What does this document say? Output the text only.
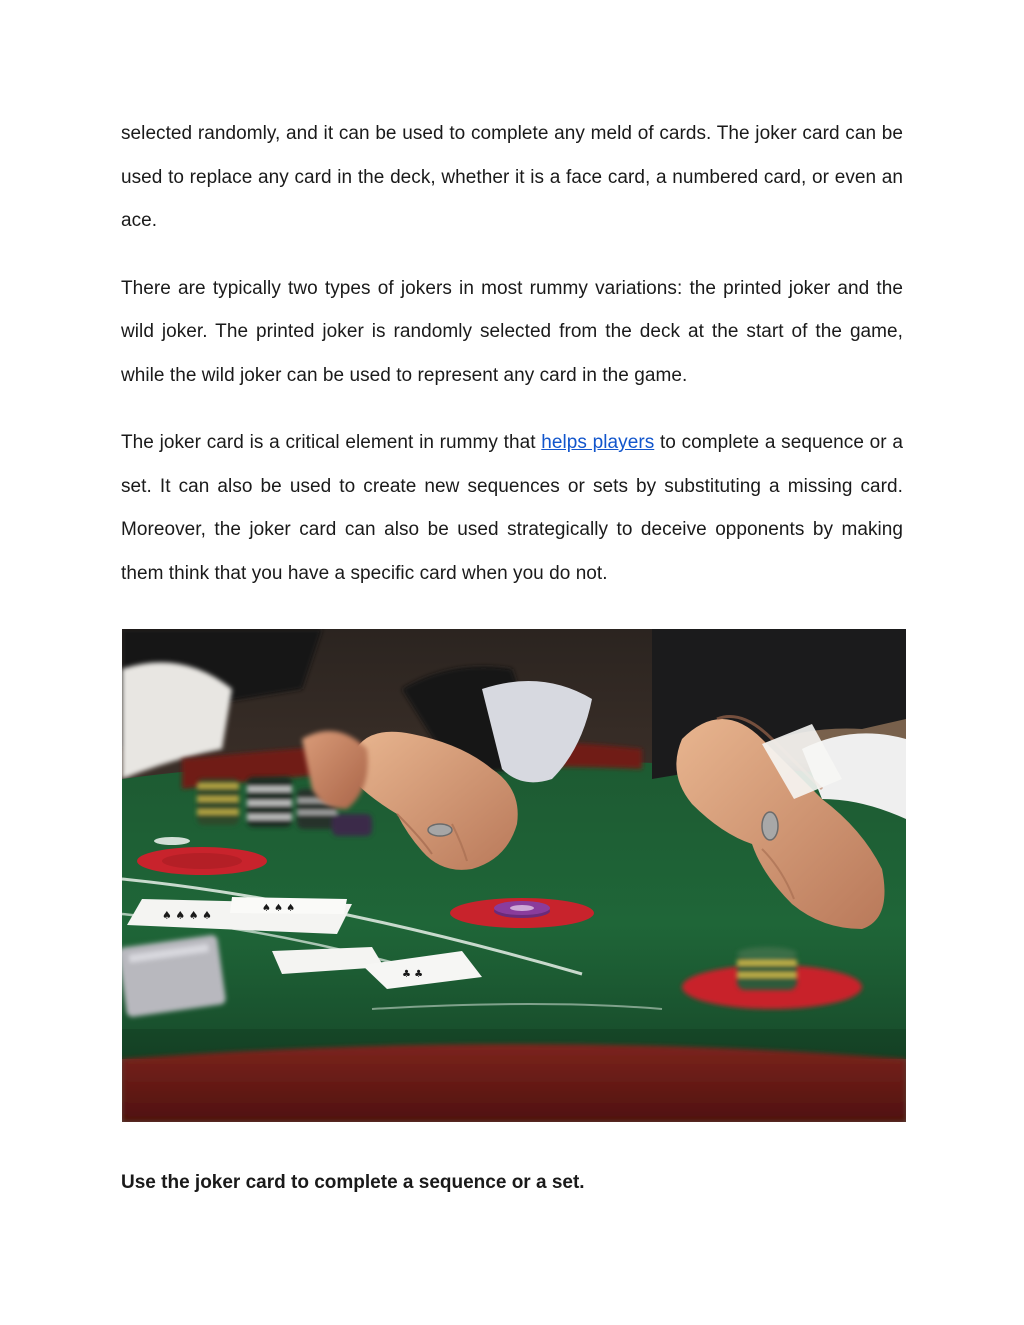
selected randomly, and it can be used to complete any meld of cards. The joker card can be used to replace any card in the deck, whether it is a face card, a numbered card, or even an ace.

There are typically two types of jokers in most rummy variations: the printed joker and the wild joker. The printed joker is randomly selected from the deck at the start of the game, while the wild joker can be used to represent any card in the game.

The joker card is a critical element in rummy that helps players to complete a sequence or a set. It can also be used to create new sequences or sets by substituting a missing card. Moreover, the joker card can also be used strategically to deceive opponents by making them think that you have a specific card when you do not.

♠ ♠ ♠ ♠
♠ ♠ ♠
♣ ♣
Use the joker card to complete a sequence or a set.
